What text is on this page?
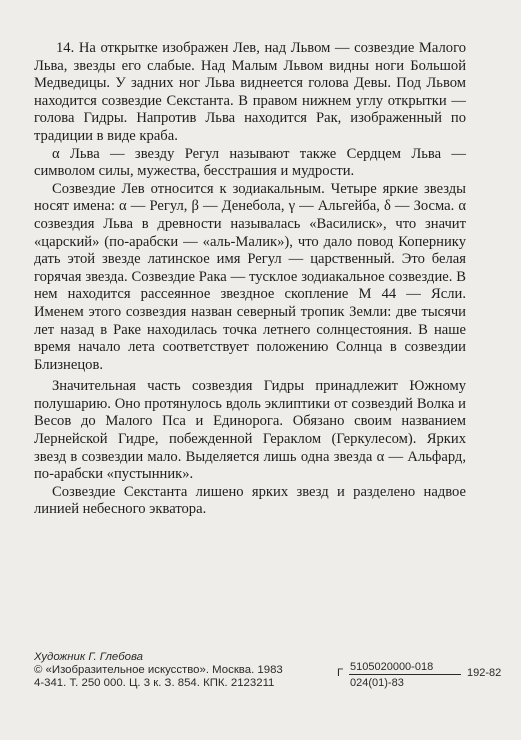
14. На открытке изображен Лев, над Львом — созвездие Малого Льва, звезды его слабые. Над Малым Львом видны ноги Большой Медведицы. У задних ног Льва виднеется голова Девы. Под Львом находится созвездие Секстанта. В правом нижнем углу открытки — голова Гидры. Напротив Льва находится Рак, изображенный по традиции в виде краба.

α Льва — звезду Регул называют также Сердцем Льва — символом силы, мужества, бесстрашия и мудрости.

Созвездие Лев относится к зодиакальным. Четыре яркие звезды носят имена: α — Регул, β — Денебола, γ — Альгейба, δ — Зосма. α созвездия Льва в древности называлась «Василиск», что значит «царский» (по-арабски — «аль-Малик»), что дало повод Копернику дать этой звезде латинское имя Регул — царственный. Это белая горячая звезда. Созвездие Рака — тусклое зодиакальное созвездие. В нем находится рассеянное звездное скопление М 44 — Ясли. Именем этого созвездия назван северный тропик Земли: две тысячи лет назад в Раке находилась точка летнего солнцестояния. В наше время начало лета соответствует положению Солнца в созвездии Близнецов.

Значительная часть созвездия Гидры принадлежит Южному полушарию. Оно протянулось вдоль эклиптики от созвездий Волка и Весов до Малого Пса и Единорога. Обязано своим названием Лернейской Гидре, побежденной Гераклом (Геркулесом). Ярких звезд в созвездии мало. Выделяется лишь одна звезда α — Альфард, по-арабски «пустынник».

Созвездие Секстанта лишено ярких звезд и разделено надвое линией небесного экватора.

Художник Г. Глебова
© «Изобразительное искусство». Москва. 1983
4-341. Т. 250 000. Ц. 3 к. З. 854. КПК. 2123211
Г 5105020000-018
024(01)-83
192-82
